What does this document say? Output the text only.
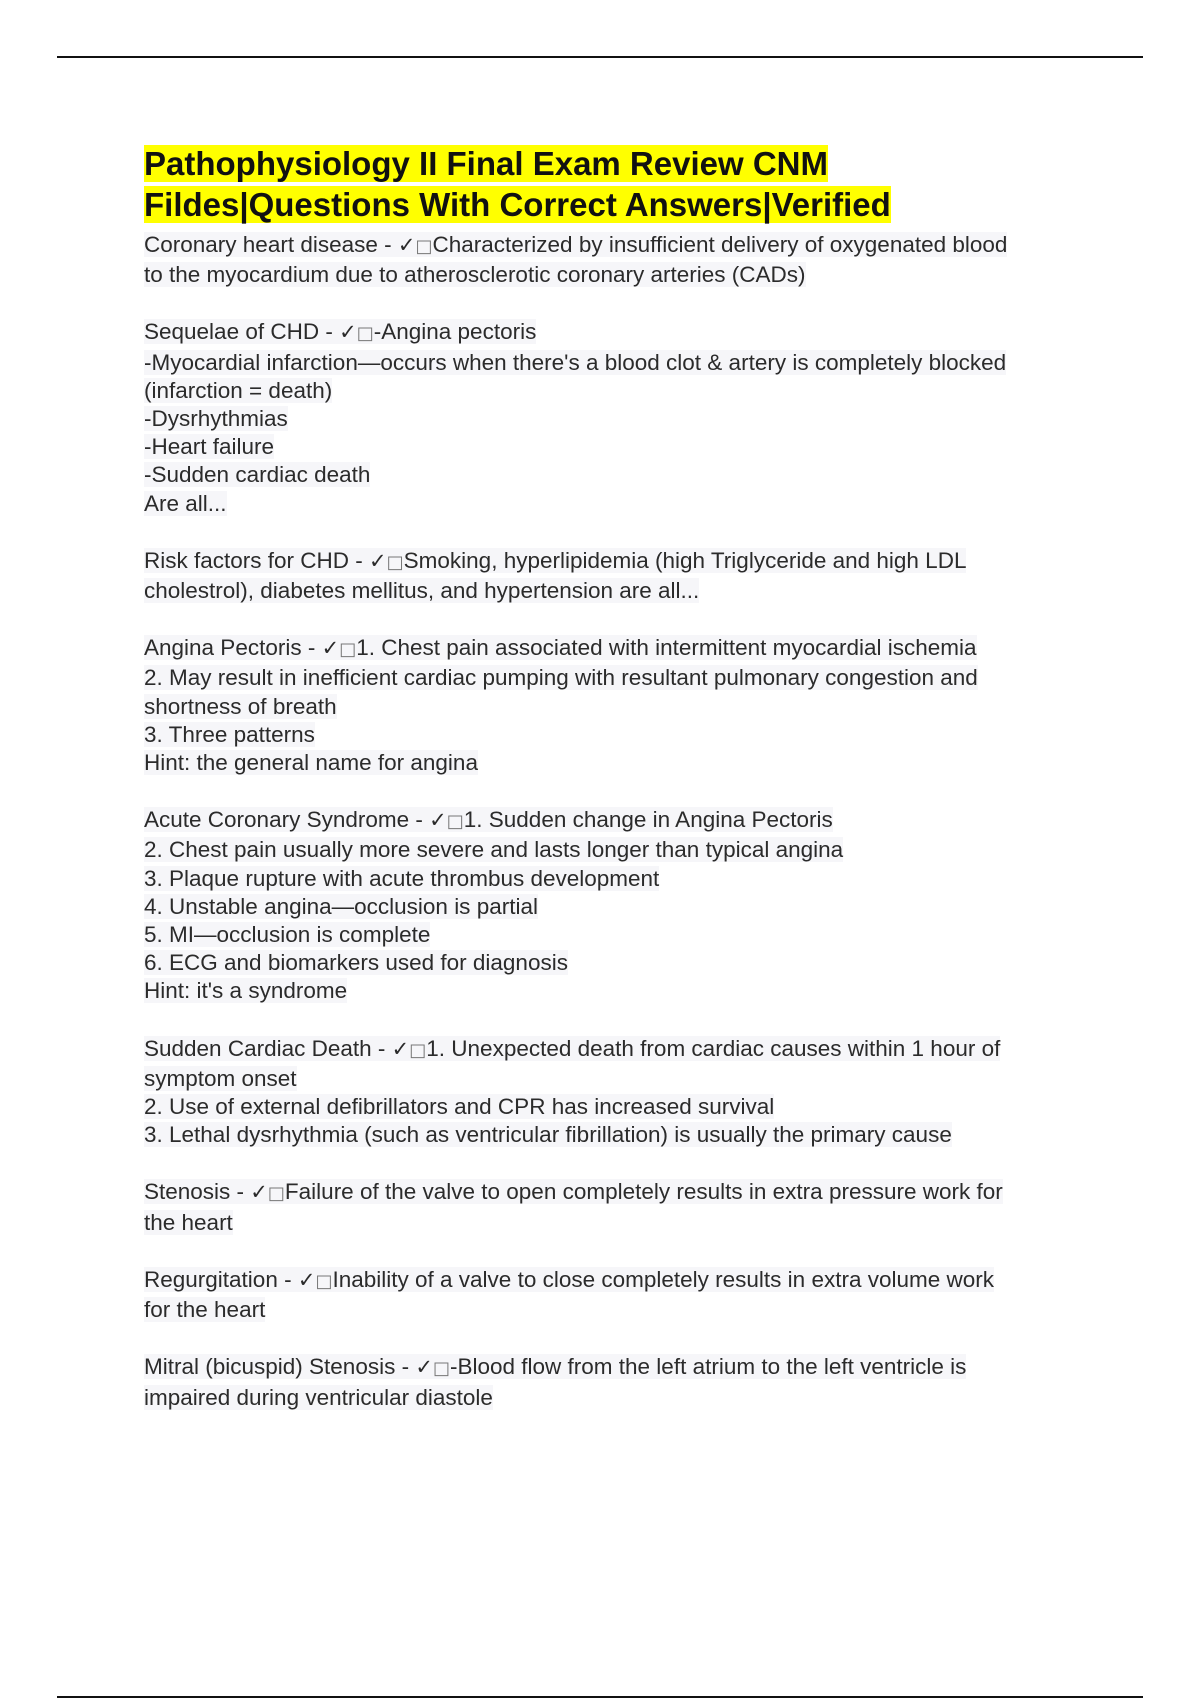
Pathophysiology II Final Exam Review CNM
Fildes|Questions With Correct Answers|Verified
Coronary heart disease - ✓□Characterized by insufficient delivery of oxygenated blood
to the myocardium due to atherosclerotic coronary arteries (CADs)
Sequelae of CHD - ✓□-Angina pectoris
-Myocardial infarction—occurs when there's a blood clot & artery is completely blocked
(infarction = death)
-Dysrhythmias
-Heart failure
-Sudden cardiac death
Are all...
Risk factors for CHD - ✓□Smoking, hyperlipidemia (high Triglyceride and high LDL
cholestrol), diabetes mellitus, and hypertension are all...
Angina Pectoris - ✓□1. Chest pain associated with intermittent myocardial ischemia
2. May result in inefficient cardiac pumping with resultant pulmonary congestion and
shortness of breath
3. Three patterns
Hint: the general name for angina
Acute Coronary Syndrome - ✓□1. Sudden change in Angina Pectoris
2. Chest pain usually more severe and lasts longer than typical angina
3. Plaque rupture with acute thrombus development
4. Unstable angina—occlusion is partial
5. MI—occlusion is complete
6. ECG and biomarkers used for diagnosis
Hint: it's a syndrome
Sudden Cardiac Death - ✓□1. Unexpected death from cardiac causes within 1 hour of
symptom onset
2. Use of external defibrillators and CPR has increased survival
3. Lethal dysrhythmia (such as ventricular fibrillation) is usually the primary cause
Stenosis - ✓□Failure of the valve to open completely results in extra pressure work for
the heart
Regurgitation - ✓□Inability of a valve to close completely results in extra volume work
for the heart
Mitral (bicuspid) Stenosis - ✓□-Blood flow from the left atrium to the left ventricle is
impaired during ventricular diastole
